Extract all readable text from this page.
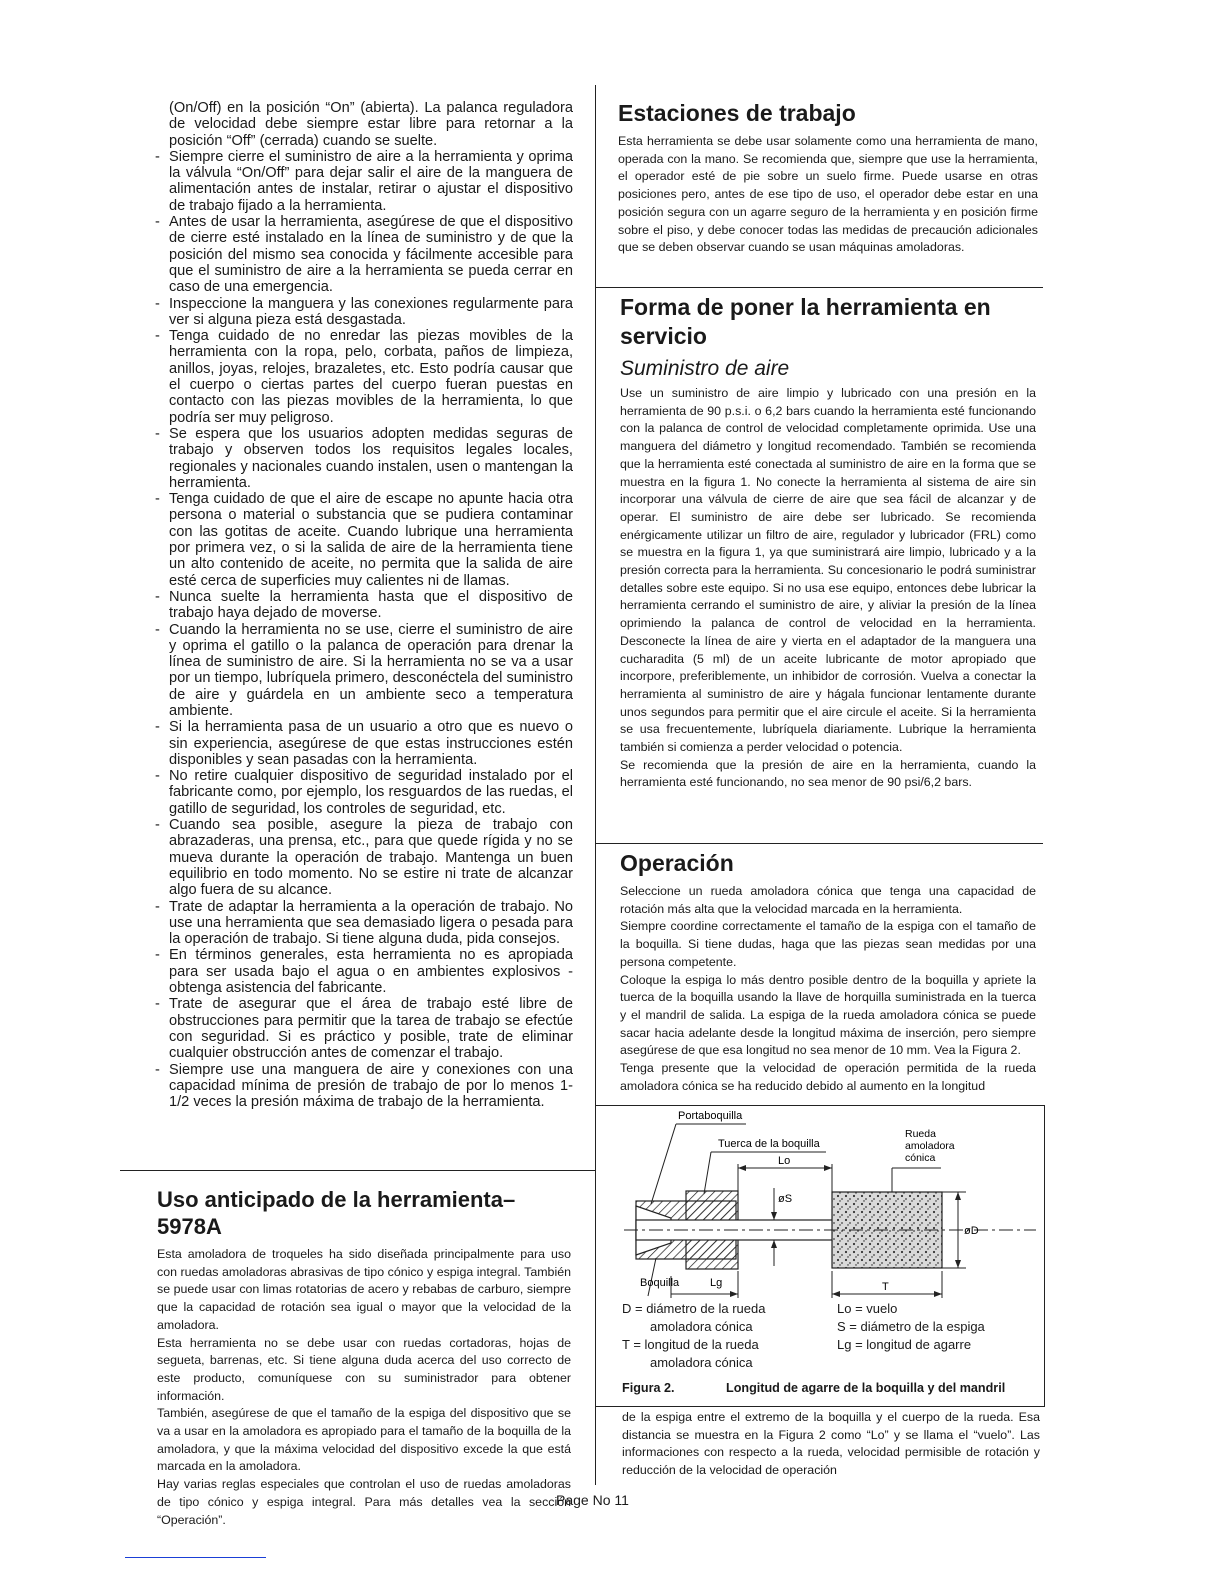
(On/Off) en la posición “On” (abierta). La palanca reguladora de velocidad debe siempre estar libre para retornar a la posición “Off” (cerrada) cuando se suelte.

- Siempre cierre el suministro de aire a la herramienta y oprima la válvula “On/Off” para dejar salir el aire de la manguera de alimentación antes de instalar, retirar o ajustar el dispositivo de trabajo fijado a la herramienta.
- Antes de usar la herramienta, asegúrese de que el dispositivo de cierre esté instalado en la línea de suministro y de que la posición del mismo sea conocida y fácilmente accesible para que el suministro de aire a la herramienta se pueda cerrar en caso de una emergencia.
- Inspeccione la manguera y las conexiones regularmente para ver si alguna pieza está desgastada.
- Tenga cuidado de no enredar las piezas movibles de la herramienta con la ropa, pelo, corbata, paños de limpieza, anillos, joyas, relojes, brazaletes, etc. Esto podría causar que el cuerpo o ciertas partes del cuerpo fueran puestas en contacto con las piezas movibles de la herramienta, lo que podría ser muy peligroso.
- Se espera que los usuarios adopten medidas seguras de trabajo y observen todos los requisitos legales locales, regionales y nacionales cuando instalen, usen o mantengan la herramienta.
- Tenga cuidado de que el aire de escape no apunte hacia otra persona o material o substancia que se pudiera contaminar con las gotitas de aceite. Cuando lubrique una herramienta por primera vez, o si la salida de aire de la herramienta tiene un alto contenido de aceite, no permita que la salida de aire esté cerca de superficies muy calientes ni de llamas.
- Nunca suelte la herramienta hasta que el dispositivo de trabajo haya dejado de moverse.
- Cuando la herramienta no se use, cierre el suministro de aire y oprima el gatillo o la palanca de operación para drenar la línea de suministro de aire. Si la herramienta no se va a usar por un tiempo, lubríquela primero, desconéctela del suministro de aire y guárdela en un ambiente seco a temperatura ambiente.
- Si la herramienta pasa de un usuario a otro que es nuevo o sin experiencia, asegúrese de que estas instrucciones estén disponibles y sean pasadas con la herramienta.
- No retire cualquier dispositivo de seguridad instalado por el fabricante como, por ejemplo, los resguardos de las ruedas, el gatillo de seguridad, los controles de seguridad, etc.
- Cuando sea posible, asegure la pieza de trabajo con abrazaderas, una prensa, etc., para que quede rígida y no se mueva durante la operación de trabajo. Mantenga un buen equilibrio en todo momento. No se estire ni trate de alcanzar algo fuera de su alcance.
- Trate de adaptar la herramienta a la operación de trabajo. No use una herramienta que sea demasiado ligera o pesada para la operación de trabajo. Si tiene alguna duda, pida consejos.
- En términos generales, esta herramienta no es apropiada para ser usada bajo el agua o en ambientes explosivos - obtenga asistencia del fabricante.
- Trate de asegurar que el área de trabajo esté libre de obstrucciones para permitir que la tarea de trabajo se efectúe con seguridad. Si es práctico y posible, trate de eliminar cualquier obstrucción antes de comenzar el trabajo.
- Siempre use una manguera de aire y conexiones con una capacidad mínima de presión de trabajo de por lo menos 1-1/2 veces la presión máxima de trabajo de la herramienta.
Uso anticipado de la herramienta–5978A

Esta amoladora de troqueles ha sido diseñada principalmente para uso con ruedas amoladoras abrasivas de tipo cónico y espiga integral. También se puede usar con limas rotatorias de acero y rebabas de carburo, siempre que la capacidad de rotación sea igual o mayor que la velocidad de la amoladora.

Esta herramienta no se debe usar con ruedas cortadoras, hojas de segueta, barrenas, etc. Si tiene alguna duda acerca del uso correcto de este producto, comuníquese con su suministrador para obtener información.

También, asegúrese de que el tamaño de la espiga del dispositivo que se va a usar en la amoladora es apropiado para el tamaño de la boquilla de la amoladora, y que la máxima velocidad del dispositivo excede la que está marcada en la amoladora.

Hay varias reglas especiales que controlan el uso de ruedas amoladoras de tipo cónico y espiga integral. Para más detalles vea la sección “Operación”.

Estaciones de trabajo

Esta herramienta se debe usar solamente como una herramienta de mano, operada con la mano. Se recomienda que, siempre que use la herramienta, el operador esté de pie sobre un suelo firme. Puede usarse en otras posiciones pero, antes de ese tipo de uso, el operador debe estar en una posición segura con un agarre seguro de la herramienta y en posición firme sobre el piso, y debe conocer todas las medidas de precaución adicionales que se deben observar cuando se usan máquinas amoladoras.

Forma de poner la herramienta en servicio
Suministro de aire

Use un suministro de aire limpio y lubricado con una presión en la herramienta de 90 p.s.i. o 6,2 bars cuando la herramienta esté funcionando con la palanca de control de velocidad completamente oprimida. Use una manguera del diámetro y longitud recomendado. También se recomienda que la herramienta esté conectada al suministro de aire en la forma que se muestra en la figura 1. No conecte la herramienta al sistema de aire sin incorporar una válvula de cierre de aire que sea fácil de alcanzar y de operar. El suministro de aire debe ser lubricado. Se recomienda enérgicamente utilizar un filtro de aire, regulador y lubricador (FRL) como se muestra en la figura 1, ya que suministrará aire limpio, lubricado y a la presión correcta para la herramienta. Su concesionario le podrá suministrar detalles sobre este equipo. Si no usa ese equipo, entonces debe lubricar la herramienta cerrando el suministro de aire, y aliviar la presión de la línea oprimiendo la palanca de control de velocidad en la herramienta. Desconecte la línea de aire y vierta en el adaptador de la manguera una cucharadita (5 ml) de un aceite lubricante de motor apropiado que incorpore, preferiblemente, un inhibidor de corrosión. Vuelva a conectar la herramienta al suministro de aire y hágala funcionar lentamente durante unos segundos para permitir que el aire circule el aceite. Si la herramienta se usa frecuentemente, lubríquela diariamente. Lubrique la herramienta también si comienza a perder velocidad o potencia.

Se recomienda que la presión de aire en la herramienta, cuando la herramienta esté funcionando, no sea menor de 90 psi/6,2 bars.

Operación

Seleccione un rueda amoladora cónica que tenga una capacidad de rotación más alta que la velocidad marcada en la herramienta.

Siempre coordine correctamente el tamaño de la espiga con el tamaño de la boquilla. Si tiene dudas, haga que las piezas sean medidas por una persona competente.

Coloque la espiga lo más dentro posible dentro de la boquilla y apriete la tuerca de la boquilla usando la llave de horquilla suministrada en la tuerca y el mandril de salida. La espiga de la rueda amoladora cónica se puede sacar hacia adelante desde la longitud máxima de inserción, pero siempre asegúrese de que esa longitud no sea menor de 10 mm. Vea la Figura 2.

Tenga presente que la velocidad de operación permitida de la rueda amoladora cónica se ha reducido debido al aumento en la longitud

Portaboquilla
Tuerca de la boquilla
Rueda
amoladora
cónica
Lo
øS
øD
Boquilla	Lg	T
D = diámetro de la rueda	Lo = vuelo
amoladora cónica	S = diámetro de la espiga
T = longitud de la rueda	Lg = longitud de agarre
amoladora cónica
Figura 2.	Longitud de agarre de la boquilla y del mandril

de la espiga entre el extremo de la boquilla y el cuerpo de la rueda. Esa distancia se muestra en la Figura 2 como “Lo” y se llama el “vuelo”. Las informaciones con respecto a la rueda, velocidad permisible de rotación y reducción de la velocidad de operación

Page No 11
